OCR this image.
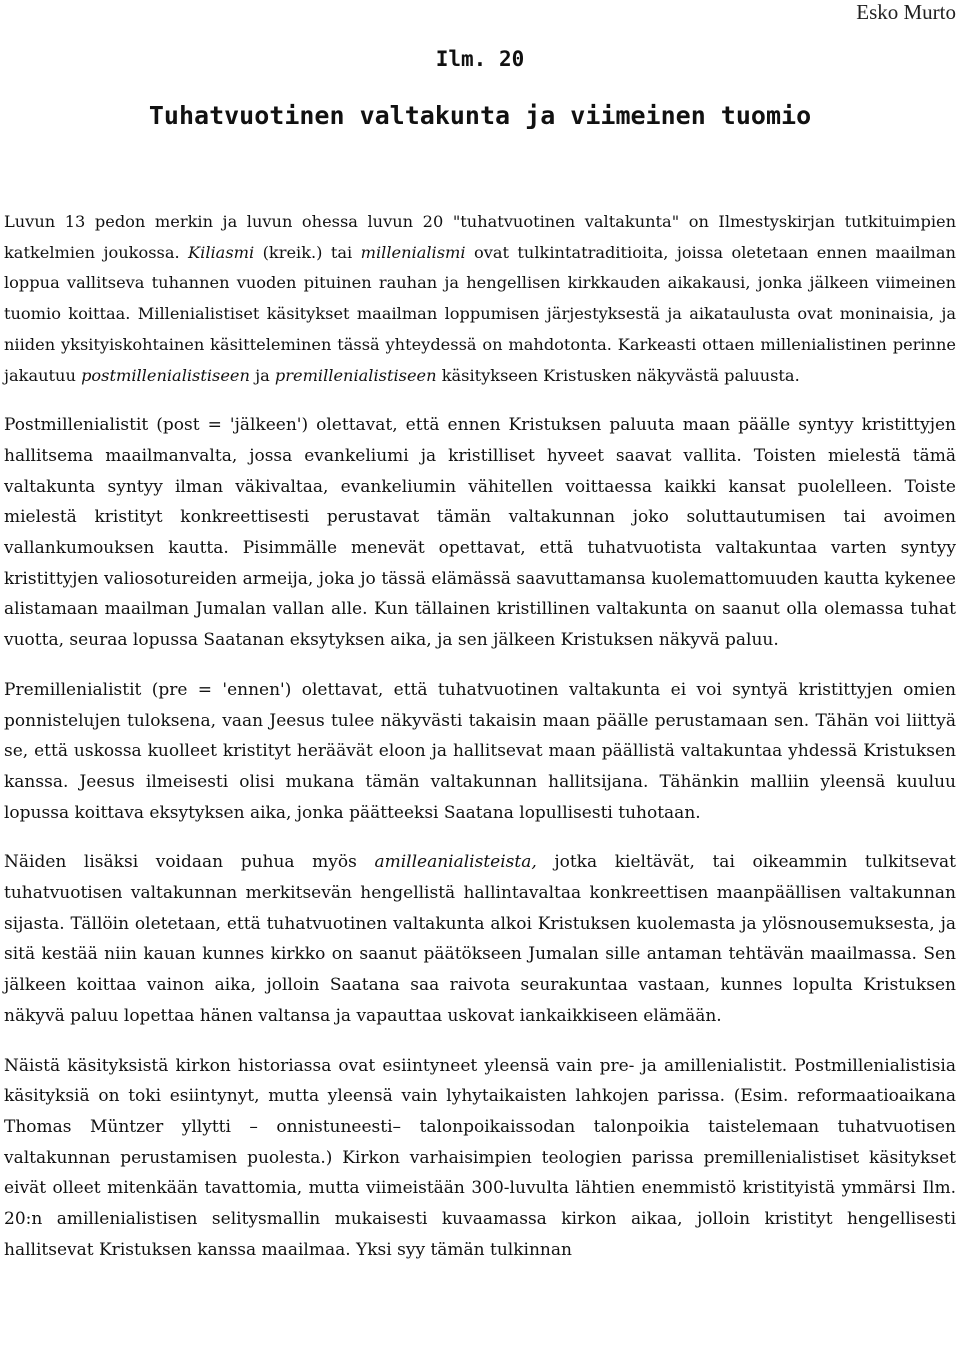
Esko Murto
Ilm. 20
Tuhatvuotinen valtakunta ja viimeinen tuomio

Luvun 13 pedon merkin ja luvun ohessa luvun 20 "tuhatvuotinen valtakunta" on Ilmestyskirjan tutkituimpien katkelmien joukossa. Kiliasmi (kreik.) tai millenialismi ovat tulkintatraditioita, joissa oletetaan ennen maailman loppua vallitseva tuhannen vuoden pituinen rauhan ja hengellisen kirkkauden aikakausi, jonka jälkeen viimeinen tuomio koittaa. Millenialistiset käsitykset maailman loppumisen järjestyksestä ja aikataulusta ovat moninaisia, ja niiden yksityiskohtainen käsitteleminen tässä yhteydessä on mahdotonta. Karkeasti ottaen millenialistinen perinne jakautuu postmillenialistiseen ja premillenialistiseen käsitykseen Kristusken näkyvästä paluusta.

Postmillenialistit (post = 'jälkeen') olettavat, että ennen Kristuksen paluuta maan päälle syntyy kristittyjen hallitsema maailmanvalta, jossa evankeliumi ja kristilliset hyveet saavat vallita. Toisten mielestä tämä valtakunta syntyy ilman väkivaltaa, evankeliumin vähitellen voittaessa kaikki kansat puolelleen. Toiste mielestä kristityt konkreettisesti perustavat tämän valtakunnan joko soluttautumisen tai avoimen vallankumouksen kautta. Pisimmälle menevät opettavat, että tuhatvuotista valtakuntaa varten syntyy kristittyjen valiosotureiden armeija, joka jo tässä elämässä saavuttamansa kuolemattomuuden kautta kykenee alistamaan maailman Jumalan vallan alle. Kun tällainen kristillinen valtakunta on saanut olla olemassa tuhat vuotta, seuraa lopussa Saatanan eksytyksen aika, ja sen jälkeen Kristuksen näkyvä paluu.

Premillenialistit (pre = 'ennen') olettavat, että tuhatvuotinen valtakunta ei voi syntyä kristittyjen omien ponnistelujen tuloksena, vaan Jeesus tulee näkyvästi takaisin maan päälle perustamaan sen. Tähän voi liittyä se, että uskossa kuolleet kristityt heräävät eloon ja hallitsevat maan päällistä valtakuntaa yhdessä Kristuksen kanssa. Jeesus ilmeisesti olisi mukana tämän valtakunnan hallitsijana. Tähänkin malliin yleensä kuuluu lopussa koittava eksytyksen aika, jonka päätteeksi Saatana lopullisesti tuhotaan.

Näiden lisäksi voidaan puhua myös amilleanialisteista, jotka kieltävät, tai oikeammin tulkitsevat tuhatvuotisen valtakunnan merkitsevän hengellistä hallintavaltaa konkreettisen maanpäällisen valtakunnan sijasta. Tällöin oletetaan, että tuhatvuotinen valtakunta alkoi Kristuksen kuolemasta ja ylösnousemuksesta, ja sitä kestää niin kauan kunnes kirkko on saanut päätökseen Jumalan sille antaman tehtävän maailmassa. Sen jälkeen koittaa vainon aika, jolloin Saatana saa raivota seurakuntaa vastaan, kunnes lopulta Kristuksen näkyvä paluu lopettaa hänen valtansa ja vapauttaa uskovat iankaikkiseen elämään.

Näistä käsityksistä kirkon historiassa ovat esiintyneet yleensä vain pre- ja amillenialistit. Postmillenialistisia käsityksiä on toki esiintynyt, mutta yleensä vain lyhytaikaisten lahkojen parissa. (Esim. reformaatioaikana Thomas Müntzer yllytti – onnistuneesti– talonpoikaissodan talonpoikia taistelemaan tuhatvuotisen valtakunnan perustamisen puolesta.) Kirkon varhaisimpien teologien parissa premillenialistiset käsitykset eivät olleet mitenkään tavattomia, mutta viimeistään 300-luvulta lähtien enemmistö kristityistä ymmärsi Ilm. 20:n amillenialistisen selitysmallin mukaisesti kuvaamassa kirkon aikaa, jolloin kristityt hengellisesti hallitsevat Kristuksen kanssa maailmaa. Yksi syy tämän tulkinnan
